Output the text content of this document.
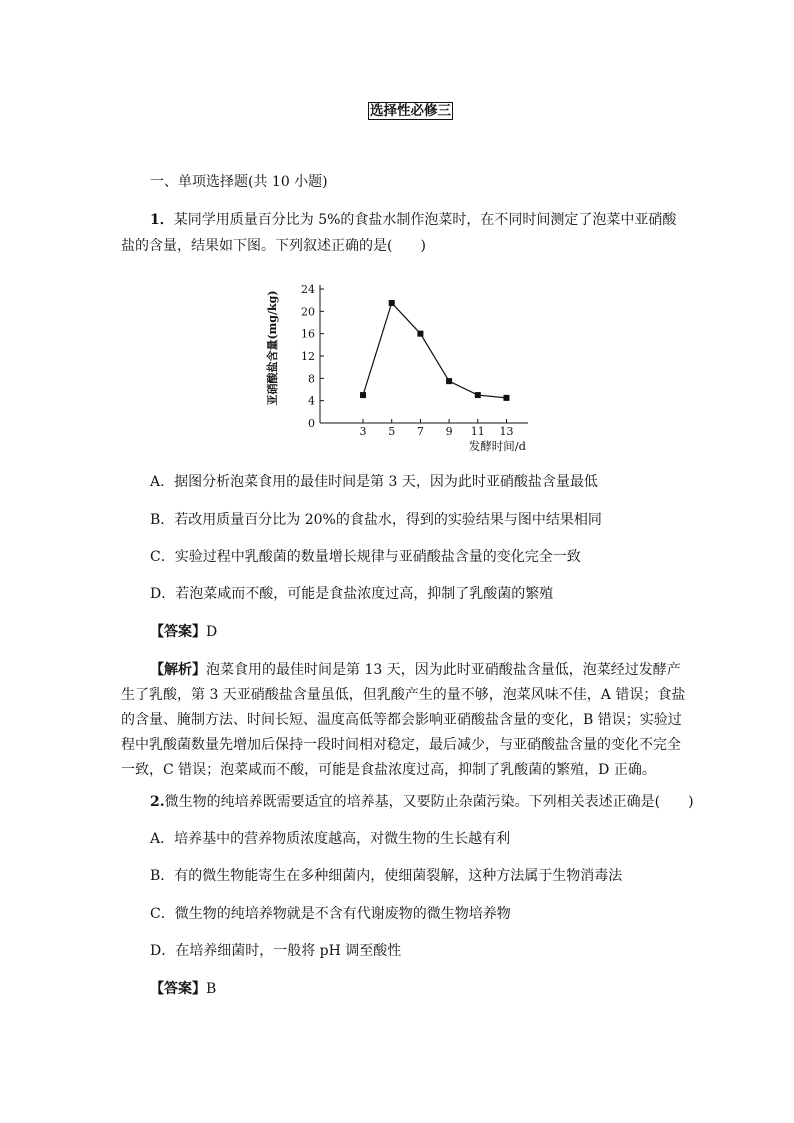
选择性必修三
一、单项选择题(共 10 小题)
1．某同学用质量百分比为 5%的食盐水制作泡菜时，在不同时间测定了泡菜中亚硝酸
盐的含量，结果如下图。下列叙述正确的是(　　)
0
4
8
12
16
20
24
3 5 7 9 11 13
发酵时间/d
亚硝酸盐含量(mg/kg)
A．据图分析泡菜食用的最佳时间是第 3 天，因为此时亚硝酸盐含量最低
B．若改用质量百分比为 20%的食盐水，得到的实验结果与图中结果相同
C．实验过程中乳酸菌的数量增长规律与亚硝酸盐含量的变化完全一致
D．若泡菜咸而不酸，可能是食盐浓度过高，抑制了乳酸菌的繁殖
【答案】D
【解析】泡菜食用的最佳时间是第 13 天，因为此时亚硝酸盐含量低，泡菜经过发酵产
生了乳酸，第 3 天亚硝酸盐含量虽低，但乳酸产生的量不够，泡菜风味不佳，A 错误；食盐
的含量、腌制方法、时间长短、温度高低等都会影响亚硝酸盐含量的变化，B 错误；实验过
程中乳酸菌数量先增加后保持一段时间相对稳定，最后减少，与亚硝酸盐含量的变化不完全
一致，C 错误；泡菜咸而不酸，可能是食盐浓度过高，抑制了乳酸菌的繁殖，D 正确。
2.微生物的纯培养既需要适宜的培养基，又要防止杂菌污染。下列相关表述正确是(　　)
A．培养基中的营养物质浓度越高，对微生物的生长越有利
B．有的微生物能寄生在多种细菌内，使细菌裂解，这种方法属于生物消毒法
C．微生物的纯培养物就是不含有代谢废物的微生物培养物
D．在培养细菌时，一般将 pH 调至酸性
【答案】B
